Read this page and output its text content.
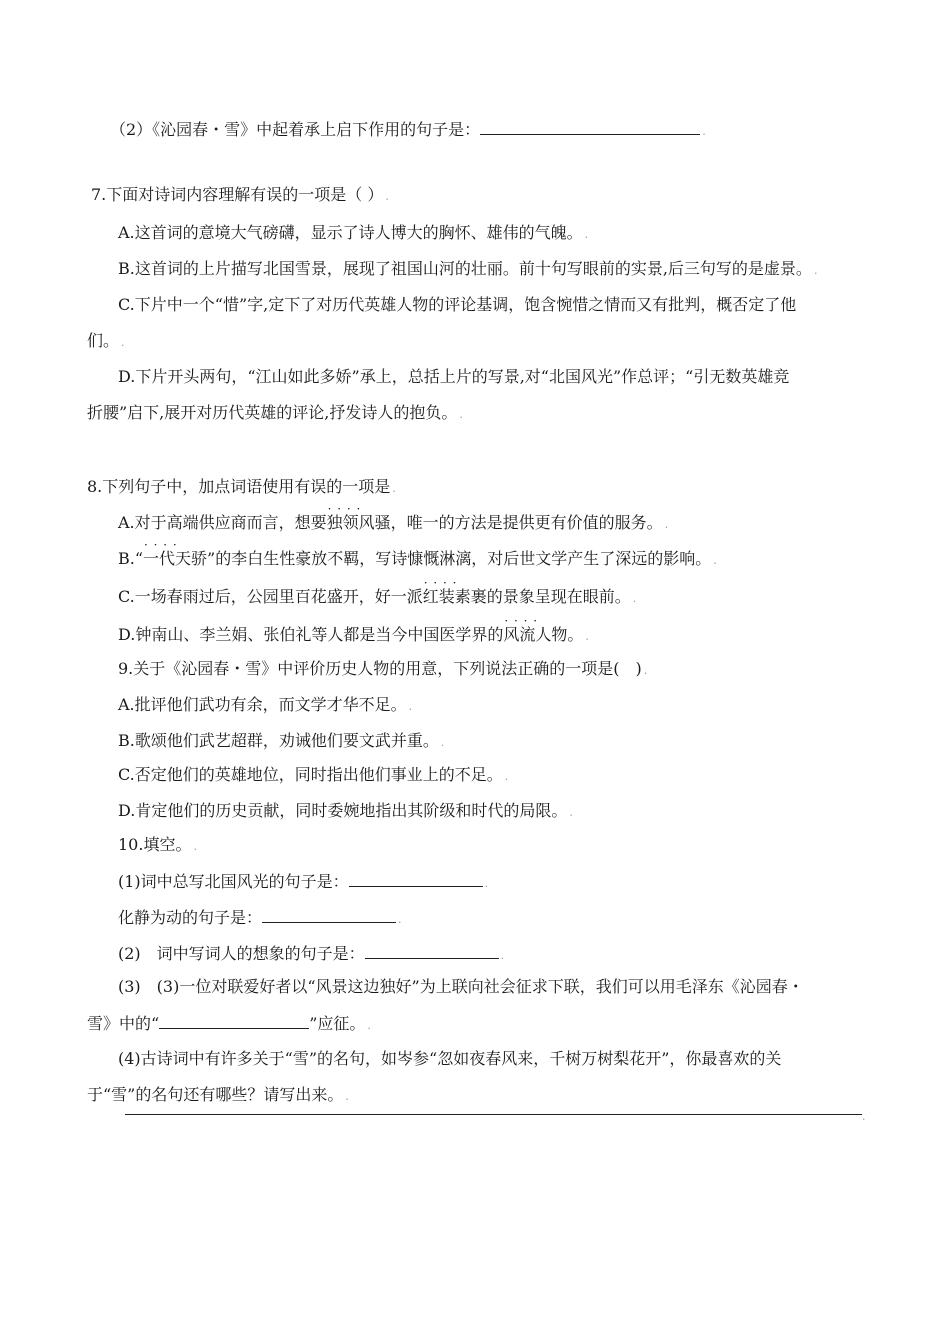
（2）《沁园春・雪》中起着承上启下作用的句子是：	.
7.下面对诗词内容理解有误的一项是（ ） .
A.这首词的意境大气磅礴，显示了诗人博大的胸怀、雄伟的气魄。 .
B.这首词的上片描写北国雪景，展现了祖国山河的壮丽。前十句写眼前的实景,后三句写的是虚景。 .
C.下片中一个“惜”字,定下了对历代英雄人物的评论基调，饱含惋惜之情而又有批判，概否定了他
们。 .
D.下片开头两句，“江山如此多娇”承上，总括上片的写景,对“北国风光”作总评；“引无数英雄竞
折腰”启下,展开对历代英雄的评论,抒发诗人的抱负。 .
8.下列句子中，加点词语使用有误的一项是 .
A.对于高端供应商而言，想要· · 独领风骚，唯一的方法是提供更有价值的服务。 .
B.“· · 一代天骄”的李白生性豪放不羁，写诗慷慨淋漓，对后世文学产生了深远的影响。 .
C.一场春雨过后，公园里百花盛开，好一派· · 红装素裹的景象呈现在眼前。 .
D.钟南山、李兰娟、张伯礼等人都是当今中国医学界的· · 风流人物。 .
9.关于《沁园春・雪》中评价历史人物的用意，下列说法正确的一项是(　) .
A.批评他们武功有余，而文学才华不足。 .
B.歌颂他们武艺超群，劝诫他们要文武并重。 .
C.否定他们的英雄地位，同时指出他们事业上的不足。 .
D.肯定他们的历史贡献，同时委婉地指出其阶级和时代的局限。 .
10.填空。 .
(1)词中总写北国风光的句子是：	.
化静为动的句子是：	.
(2)　词中写词人的想象的句子是：	.
(3)　(3)一位对联爱好者以“风景这边独好”为上联向社会征求下联，我们可以用毛泽东《沁园春・
雪》中的“	”应征。 .
(4)古诗词中有许多关于“雪”的名句，如岑参“忽如夜春风来，千树万树梨花开”，你最喜欢的关
于“雪”的名句还有哪些？请写出来。 .
.
